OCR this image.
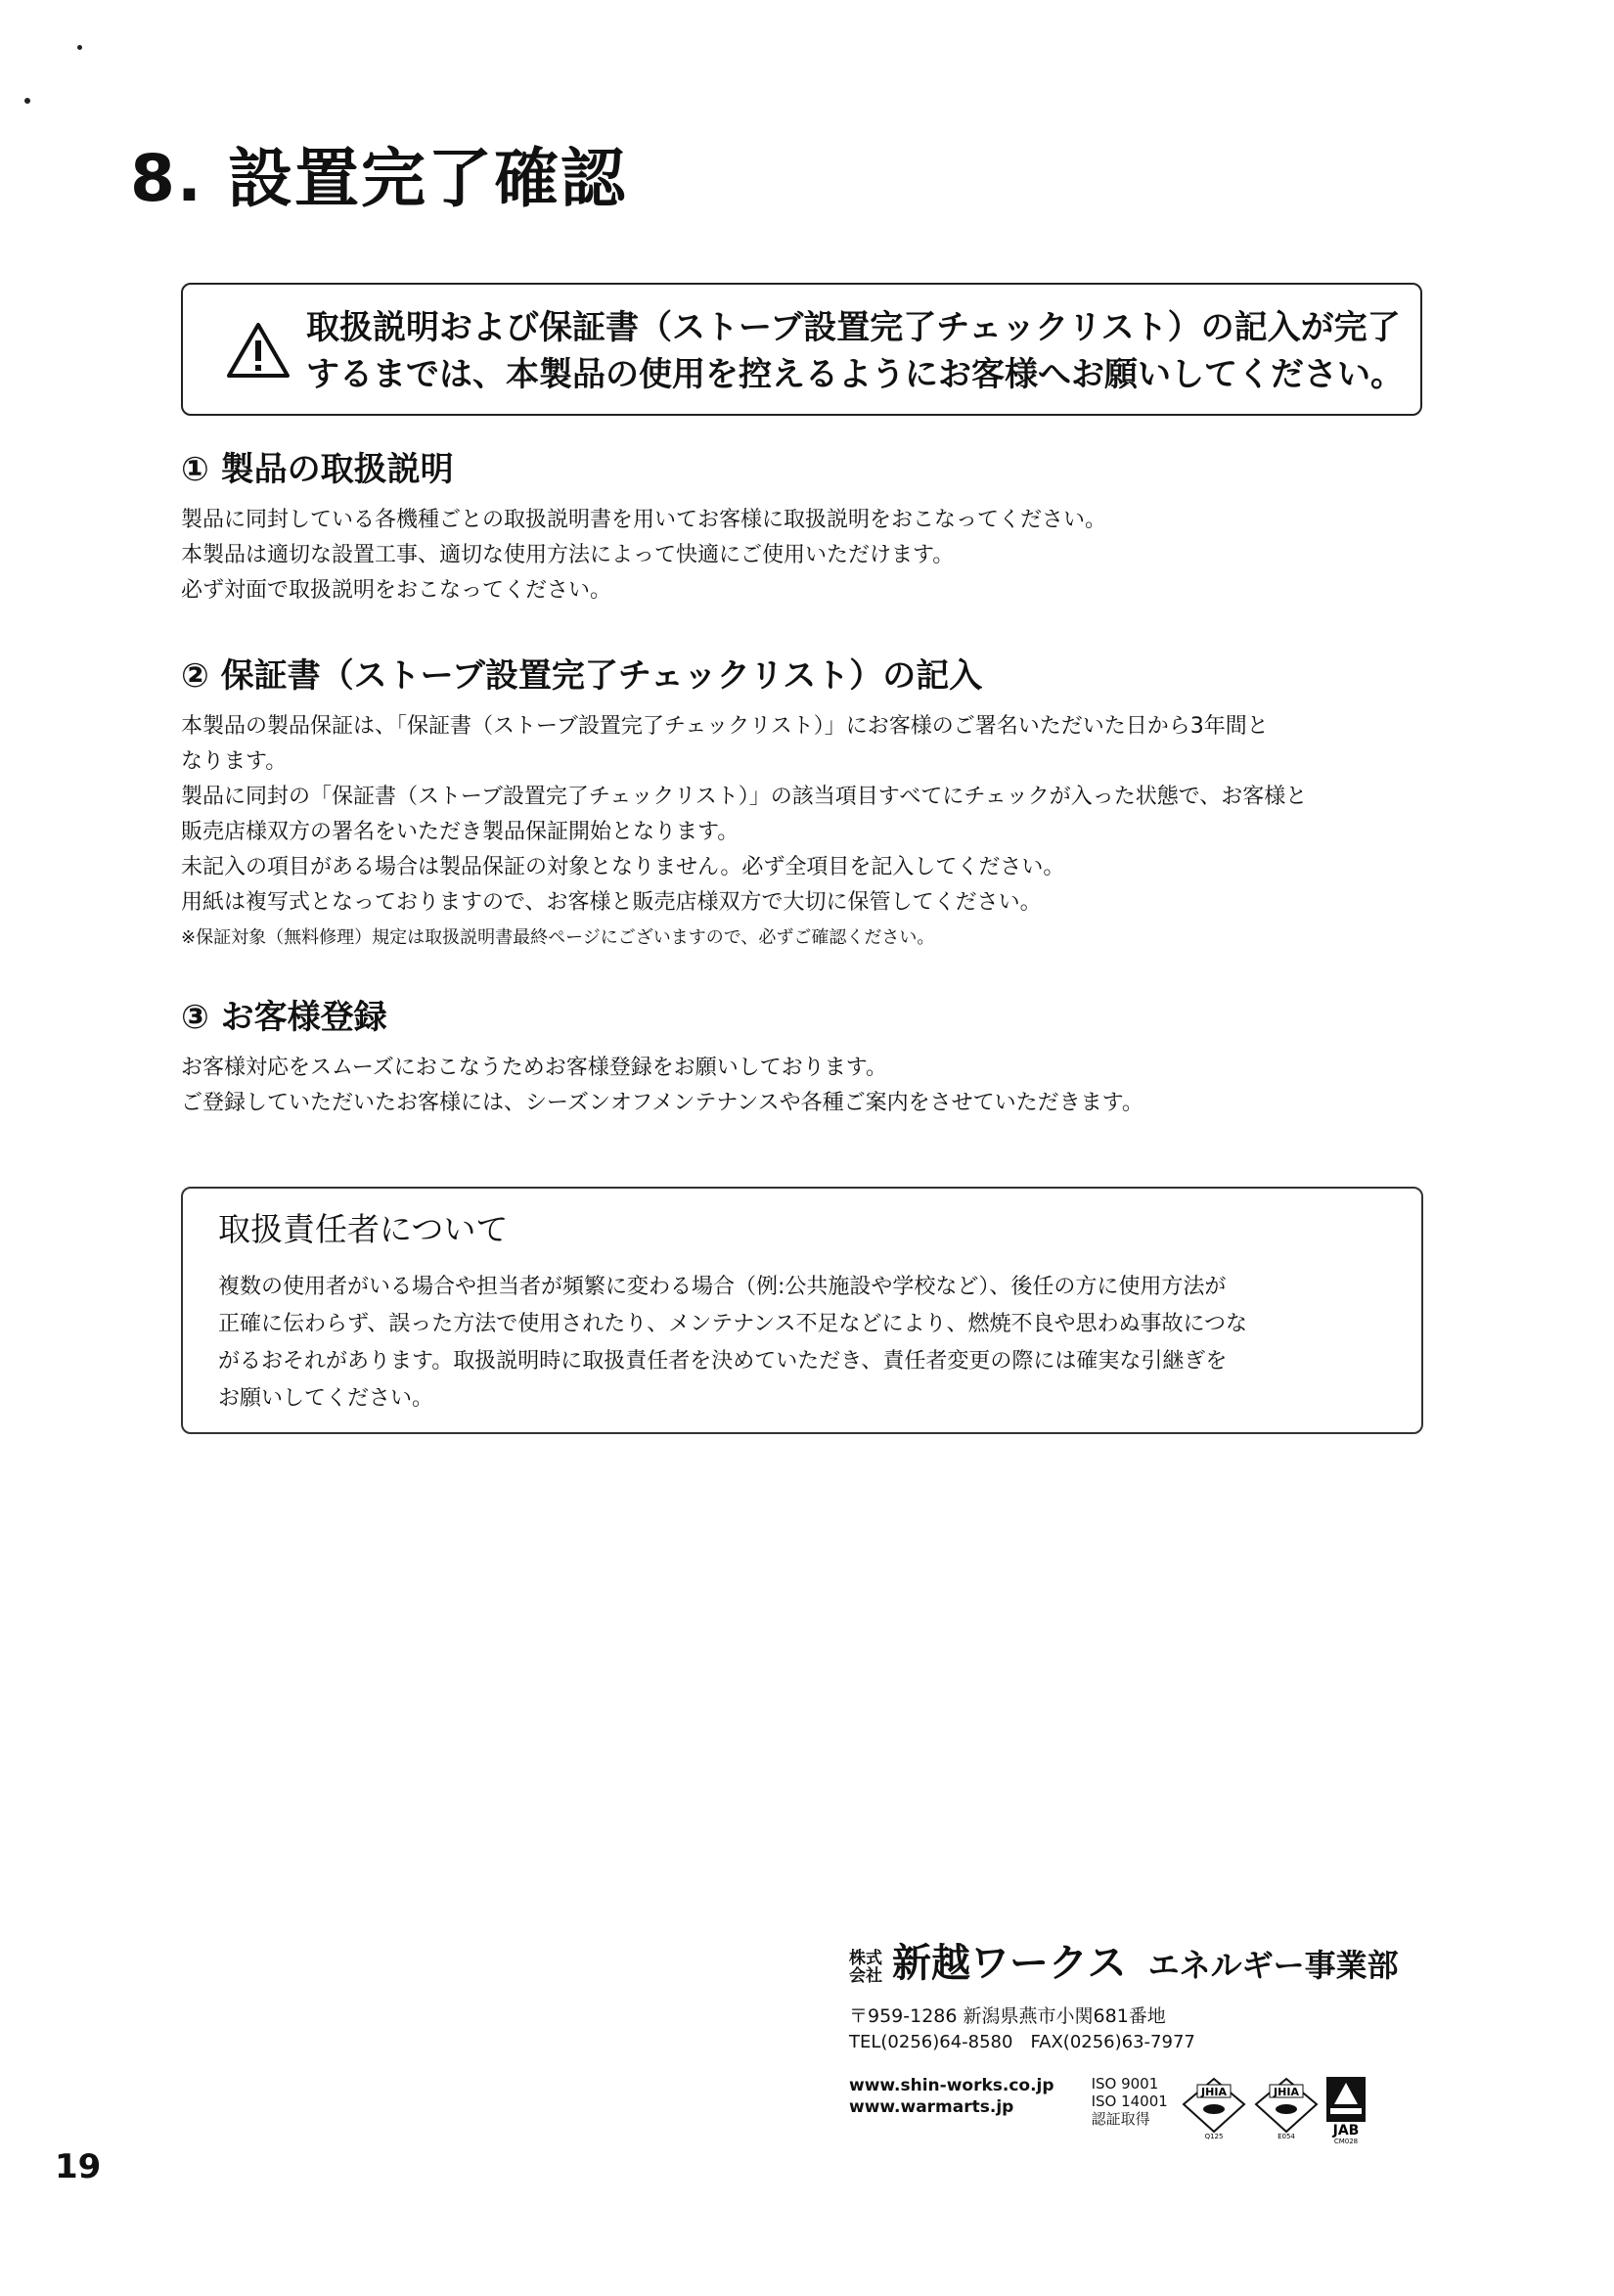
8. 設置完了確認

取扱説明および保証書（ストーブ設置完了チェックリスト）の記入が完了
するまでは、本製品の使用を控えるようにお客様へお願いしてください。

① 製品の取扱説明

製品に同封している各機種ごとの取扱説明書を用いてお客様に取扱説明をおこなってください。

本製品は適切な設置工事、適切な使用方法によって快適にご使用いただけます。

必ず対面で取扱説明をおこなってください。

② 保証書（ストーブ設置完了チェックリスト）の記入

本製品の製品保証は、「保証書（ストーブ設置完了チェックリスト）」にお客様のご署名いただいた日から3年間と

なります。

製品に同封の「保証書（ストーブ設置完了チェックリスト）」の該当項目すべてにチェックが入った状態で、お客様と

販売店様双方の署名をいただき製品保証開始となります。

未記入の項目がある場合は製品保証の対象となりません。必ず全項目を記入してください。

用紙は複写式となっておりますので、お客様と販売店様双方で大切に保管してください。

※保証対象（無料修理）規定は取扱説明書最終ページにございますので、必ずご確認ください。

③ お客様登録

お客様対応をスムーズにおこなうためお客様登録をお願いしております。

ご登録していただいたお客様には、シーズンオフメンテナンスや各種ご案内をさせていただきます。

取扱責任者について

複数の使用者がいる場合や担当者が頻繁に変わる場合（例:公共施設や学校など）、後任の方に使用方法が

正確に伝わらず、誤った方法で使用されたり、メンテナンス不足などにより、燃焼不良や思わぬ事故につな

がるおそれがあります。取扱説明時に取扱責任者を決めていただき、責任者変更の際には確実な引継ぎを

お願いしてください。

株式
会社 新越ワークス エネルギー事業部
〒959-1286 新潟県燕市小関681番地
TEL(0256)64-8580　FAX(0256)63-7977
www.shin-works.co.jp
www.warmarts.jp
ISO 9001
ISO 14001
認証取得
JHIA
Q125
JHIA
E054	JAB
CM028

19
